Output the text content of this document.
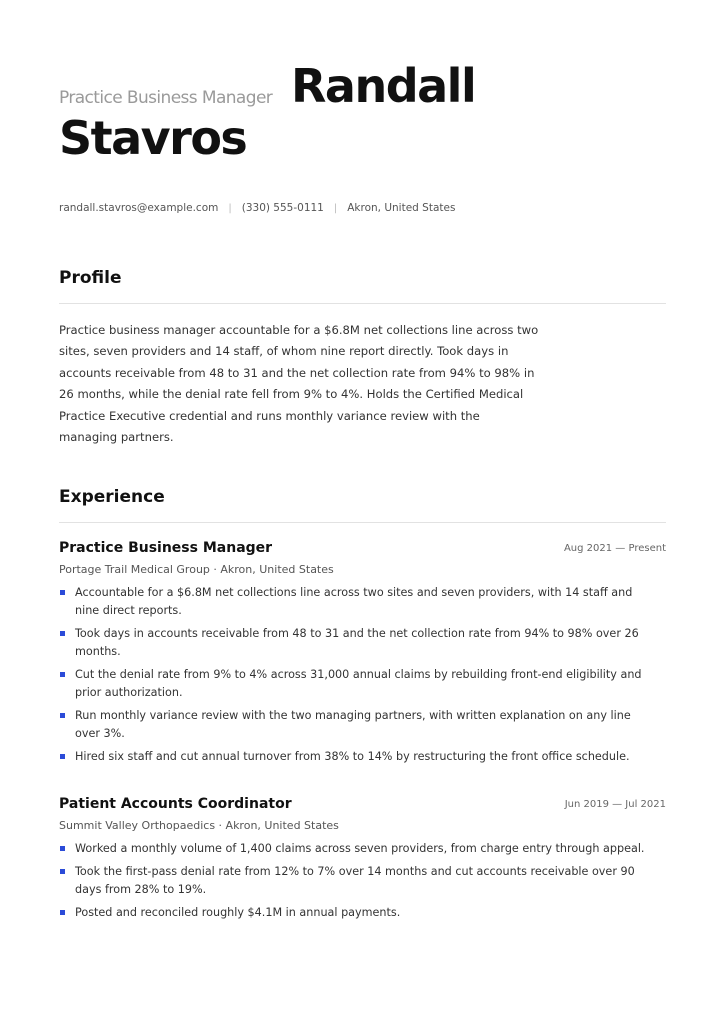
Practice Business Manager Randall
Stavros
randall.stavros@example.com | (330) 555-0111 | Akron, United States
Profile
Practice business manager accountable for a $6.8M net collections line across two sites, seven providers and 14 staff, of whom nine report directly. Took days in accounts receivable from 48 to 31 and the net collection rate from 94% to 98% in 26 months, while the denial rate fell from 9% to 4%. Holds the Certified Medical Practice Executive credential and runs monthly variance review with the managing partners.
Experience
Practice Business Manager	Aug 2021 — Present
Portage Trail Medical Group · Akron, United States
Accountable for a $6.8M net collections line across two sites and seven providers, with 14 staff and nine direct reports.
Took days in accounts receivable from 48 to 31 and the net collection rate from 94% to 98% over 26 months.
Cut the denial rate from 9% to 4% across 31,000 annual claims by rebuilding front-end eligibility and prior authorization.
Run monthly variance review with the two managing partners, with written explanation on any line over 3%.
Hired six staff and cut annual turnover from 38% to 14% by restructuring the front office schedule.
Patient Accounts Coordinator	Jun 2019 — Jul 2021
Summit Valley Orthopaedics · Akron, United States
Worked a monthly volume of 1,400 claims across seven providers, from charge entry through appeal.
Took the first-pass denial rate from 12% to 7% over 14 months and cut accounts receivable over 90 days from 28% to 19%.
Posted and reconciled roughly $4.1M in annual payments.
